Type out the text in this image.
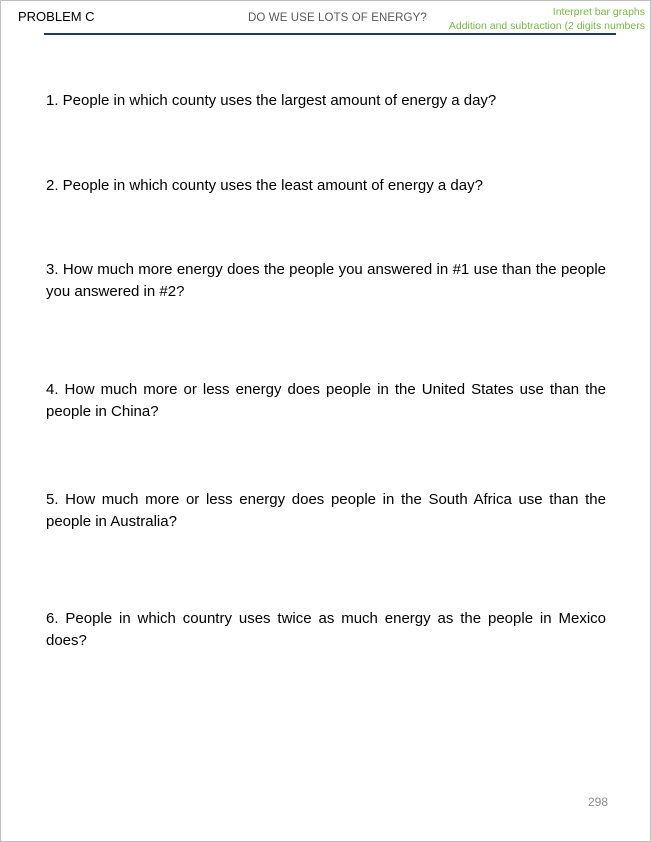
PROBLEM C	DO WE USE LOTS OF ENERGY?	Interpret bar graphs
Addition and subtraction (2 digits numbers
1. People in which county uses the largest amount of energy a day?
2. People in which county uses the least amount of energy a day?
3. How much more energy does the people you answered in #1 use than the people you answered in #2?
4. How much more or less energy does people in the United States use than the people in China?
5. How much more or less energy does people in the South Africa use than the people in Australia?
6. People in which country uses twice as much energy as the people in Mexico does?
298
